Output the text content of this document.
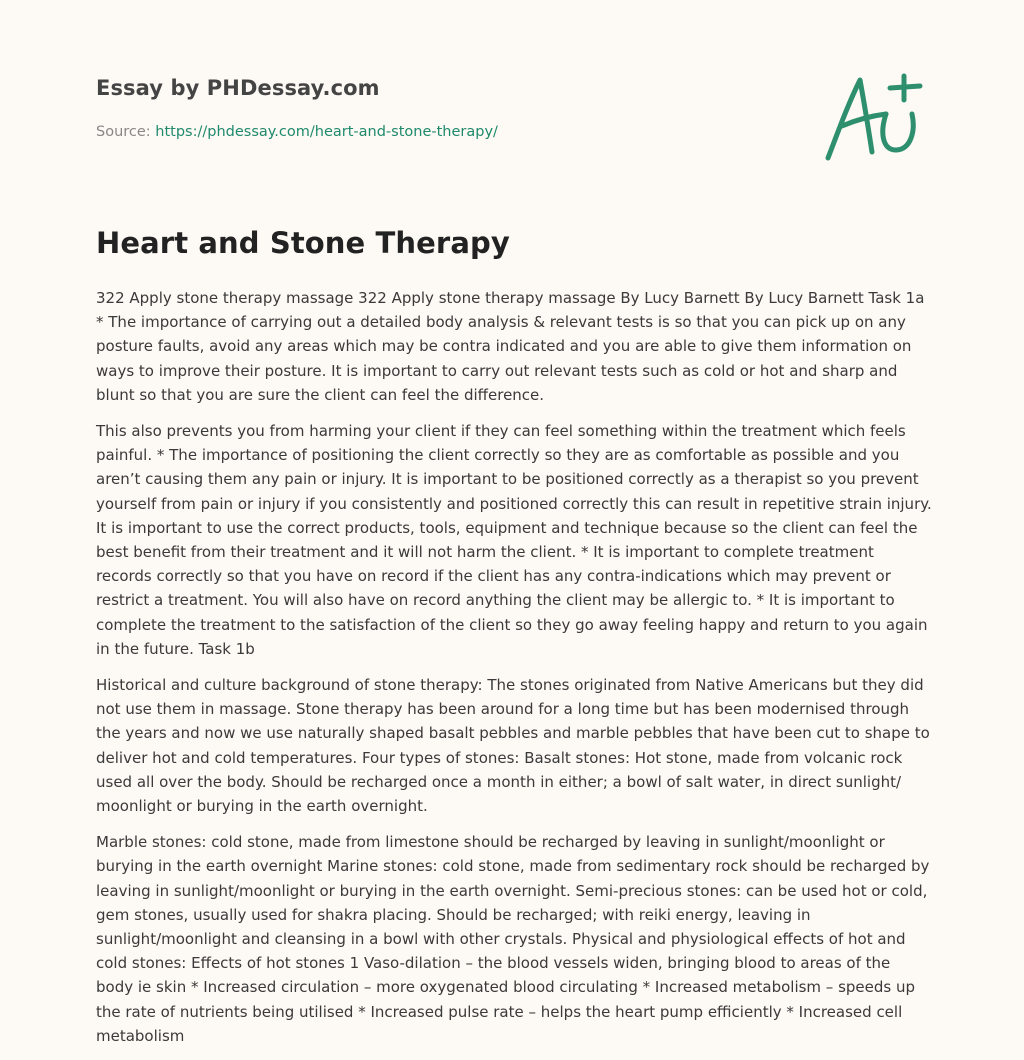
Essay by PHDessay.com
Source: https://phdessay.com/heart-and-stone-therapy/
Heart and Stone Therapy

322 Apply stone therapy massage 322 Apply stone therapy massage By Lucy Barnett By Lucy Barnett Task 1a * The importance of carrying out a detailed body analysis & relevant tests is so that you can pick up on any posture faults, avoid any areas which may be contra indicated and you are able to give them information on ways to improve their posture. It is important to carry out relevant tests such as cold or hot and sharp and blunt so that you are sure the client can feel the difference.

This also prevents you from harming your client if they can feel something within the treatment which feels painful. * The importance of positioning the client correctly so they are as comfortable as possible and you aren’t causing them any pain or injury. It is important to be positioned correctly as a therapist so you prevent yourself from pain or injury if you consistently and positioned correctly this can result in repetitive strain injury. It is important to use the correct products, tools, equipment and technique because so the client can feel the best benefit from their treatment and it will not harm the client. * It is important to complete treatment records correctly so that you have on record if the client has any contra-indications which may prevent or restrict a treatment. You will also have on record anything the client may be allergic to. * It is important to complete the treatment to the satisfaction of the client so they go away feeling happy and return to you again in the future. Task 1b

Historical and culture background of stone therapy: The stones originated from Native Americans but they did not use them in massage. Stone therapy has been around for a long time but has been modernised through the years and now we use naturally shaped basalt pebbles and marble pebbles that have been cut to shape to deliver hot and cold temperatures. Four types of stones: Basalt stones: Hot stone, made from volcanic rock used all over the body. Should be recharged once a month in either; a bowl of salt water, in direct sunlight/ moonlight or burying in the earth overnight.

Marble stones: cold stone, made from limestone should be recharged by leaving in sunlight/moonlight or burying in the earth overnight Marine stones: cold stone, made from sedimentary rock should be recharged by leaving in sunlight/moonlight or burying in the earth overnight. Semi-precious stones: can be used hot or cold, gem stones, usually used for shakra placing. Should be recharged; with reiki energy, leaving in sunlight/moonlight and cleansing in a bowl with other crystals. Physical and physiological effects of hot and cold stones: Effects of hot stones 1 Vaso-dilation – the blood vessels widen, bringing blood to areas of the body ie skin * Increased circulation – more oxygenated blood circulating * Increased metabolism – speeds up the rate of nutrients being utilised * Increased pulse rate – helps the heart pump efficiently * Increased cell metabolism
